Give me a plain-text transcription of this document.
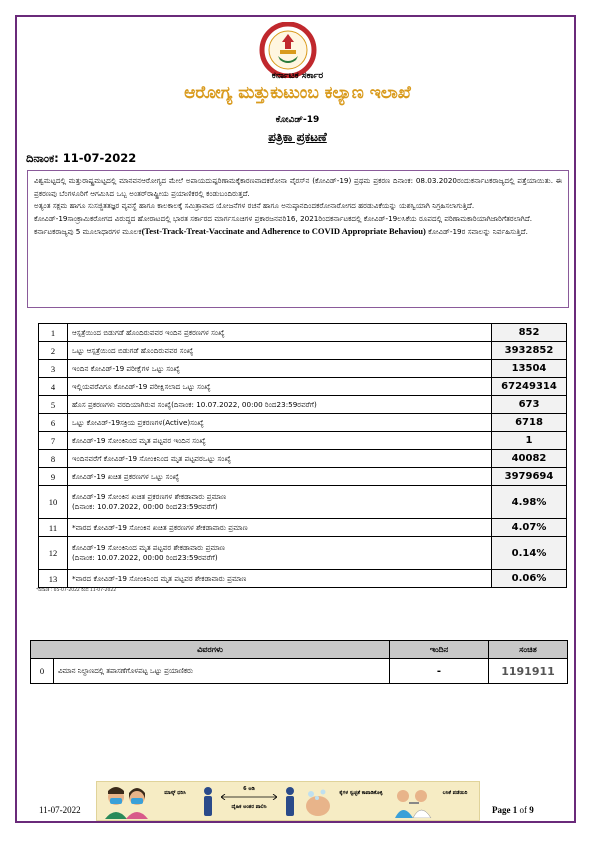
ಕರ್ನಾಟಕ ಸರ್ಕಾರ
ಆರೋಗ್ಯ ಮತ್ತುಕುಟುಂಬ ಕಲ್ಯಾಣ ಇಲಾಖೆ
ಕೋವಿಡ್-19
ಪತ್ರಿಕಾ ಪ್ರಕಟಣೆ
ದಿನಾಂಕ: 11-07-2022

ವಿಶ್ವಮಟ್ಟದಲ್ಲಿ ಮತ್ತುರಾಷ್ಟ್ರಮಟ್ಟದಲ್ಲಿ ಮಾನವನಆರೋಗ್ಯದ ಮೇಲೆ ಅಪಾಯದುಷ್ಪರಿಣಾಮಕ್ಕೆಕಾರಣವಾದಕರೋನಾ ವೈರಸ್‌ನ (ಕೋವಿಡ್-19) ಪ್ರಥಮ ಪ್ರಕರಣ ದಿನಾಂಕ: 08.03.2020ರಂದುಕರ್ನಾಟಕರಾಜ್ಯದಲ್ಲಿ ಪತ್ತೆಯಾಯಿತು. ಈ ಪ್ರಕರಣವು ಬೆಂಗಳೂರಿಗೆ ಆಗಮಿಸಿದ ಒಬ್ಬ ಅಂತರ್‌ರಾಷ್ಟ್ರೀಯ ಪ್ರಯಾಣಿಕರಲ್ಲಿ ಕಂಡುಬಂದಿರುತ್ತದೆ.

ಅತ್ಯಂತ ಸಕ್ಷಮ ಹಾಗೂ ಸುಸಜ್ಜಿತತಜ್ಞರ ವ್ಯವಸ್ಥೆ ಹಾಗೂ ಕಾಲಕಾಲಕ್ಕೆ ಸಮಿತ್ರಾವಾದ ಯೋಜನೆಗಳ ರಚನೆ ಹಾಗೂ ಅನುಷ್ಠಾನದಿಂದಕರೋನಾರೋಗದ ಹರಡುವಿಕೆಯನ್ನು ಯಶಸ್ವಿಯಾಗಿ ನಿಗ್ರಹಿಸಲಾಗುತ್ತಿದೆ.

ಕೋವಿಡ್-19ಸಾಂಕ್ರಾಮಿಕರೋಗದ ವಿರುದ್ಧದ ಹೋರಾಟದಲ್ಲಿ ಭಾರತ ಸರ್ಕಾರದ ಮಾರ್ಗಸೂಚಿಗಳ ಪ್ರಕಾರಜನವರಿ16, 2021ರಿಂದಕರ್ನಾಟಕದಲ್ಲಿ ಕೋವಿಡ್-19ಲಸಿಕೆಯ ರೂಪದಲ್ಲಿ ಪರಿಣಾಮಕಾರಿಯಾಗಿಜಾರಿಗೆತರಲಾಗಿದೆ.

ಕರ್ನಾಟಕರಾಜ್ಯವು 5 ಮೂಲಾಧಾರಗಳ ಮೂಲಕ(Test-Track-Treat-Vaccinate and Adherence to COVID Appropriate Behaviou) ಕೋವಿಡ್-19ರ ಸವಾಲನ್ನು ನಿರ್ವಹಿಸುತ್ತಿದೆ.

1	ಆಸ್ಪತ್ರೆಯಿಂದ ಬಿಡುಗಡೆ ಹೊಂದಿರುವವರ ಇಂದಿನ ಪ್ರಕರಣಗಳ ಸಂಖ್ಯೆ	852
2	ಒಟ್ಟು ಆಸ್ಪತ್ರೆಯಿಂದ ಬಿಡುಗಡೆ ಹೊಂದಿರುವವರ ಸಂಖ್ಯೆ	3932852
3	ಇಂದಿನ ಕೋವಿಡ್-19 ಪರೀಕ್ಷೆಗಳ ಒಟ್ಟು ಸಂಖ್ಯೆ	13504
4	ಇಲ್ಲಿಯವರೆವಿಗೂ ಕೋವಿಡ್-19 ಪರೀಕ್ಷಿಸಲಾದ ಒಟ್ಟು ಸಂಖ್ಯೆ	67249314
5	ಹೊಸ ಪ್ರಕರಣಗಳು ವರದಿಯಾಗಿರುವ ಸಂಖ್ಯೆ(ದಿನಾಂಕ: 10.07.2022, 00:00 ರಿಂದ23:59ರವರೆಗೆ)	673
6	ಒಟ್ಟು ಕೋವಿಡ್-19ಸಕ್ರಿಯ ಪ್ರಕರಣಗಳ(Active)ಸಂಖ್ಯೆ	6718
7	ಕೋವಿಡ್-19 ಸೋಂಕಿನಿಂದ ಮೃತ ಪಟ್ಟವರ ಇಂದಿನ ಸಂಖ್ಯೆ	1
8	ಇಂದಿನವರೆಗೆ ಕೋವಿಡ್-19 ಸೋಂಕಿನಿಂದ ಮೃತ ಪಟ್ಟವರಒಟ್ಟು ಸಂಖ್ಯೆ	40082
9	ಕೋವಿಡ್-19 ಖಚಿತ ಪ್ರಕರಣಗಳ ಒಟ್ಟು ಸಂಖ್ಯೆ	3979694
10	ಕೋವಿಡ್-19 ಸೋಂಕಿನ ಖಚಿತ ಪ್ರಕರಣಗಳ ಶೇಕಡಾವಾರು ಪ್ರಮಾಣ
(ದಿನಾಂಕ: 10.07.2022, 00:00 ರಿಂದ23:59ರವರೆಗೆ)	4.98%
11	*ವಾರದ ಕೋವಿಡ್-19 ಸೋಂಕಿನ ಖಚಿತ ಪ್ರಕರಣಗಳ ಶೇಕಡಾವಾರು ಪ್ರಮಾಣ	4.07%
12	ಕೋವಿಡ್-19 ಸೋಂಕಿನಿಂದ ಮೃತ ಪಟ್ಟವರ ಶೇಕಡಾವಾರು ಪ್ರಮಾಣ
(ದಿನಾಂಕ: 10.07.2022, 00:00 ರಿಂದ23:59ರವರೆಗೆ)	0.14%
13	*ವಾರದ ಕೋವಿಡ್-19 ಸೋಂಕಿನಿಂದ ಮೃತ ಪಟ್ಟವರ ಶೇಕಡಾವಾರು ಪ್ರಮಾಣ	0.06%
*ದಿನಾಂಕ : 05-07-2022 ರಿಂದ 11-07-2022
ವಿವರಗಳು		ಇಂದಿನ	ಸಂಚಿತ
0	ವಿಮಾನ ನಿಲ್ದಾಣದಲ್ಲಿ ತಪಾಸಣೆಗೊಳಪಟ್ಟ ಒಟ್ಟು ಪ್ರಯಾಣಿಕರು	-	1191911
ಮಾಸ್ಕ್ ಧರಿಸಿ
6 ಅಡಿ
ದೈಹಿಕ ಅಂತರ ಪಾಲಿಸಿ
ಕೈಗಳ ಸ್ವಚ್ಛತೆ ಕಾಪಾಡಿಕೊಳ್ಳಿ	ಲಸಿಕೆ ಪಡೆಯಿರಿ
11-07-2022	Page 1 of 9
